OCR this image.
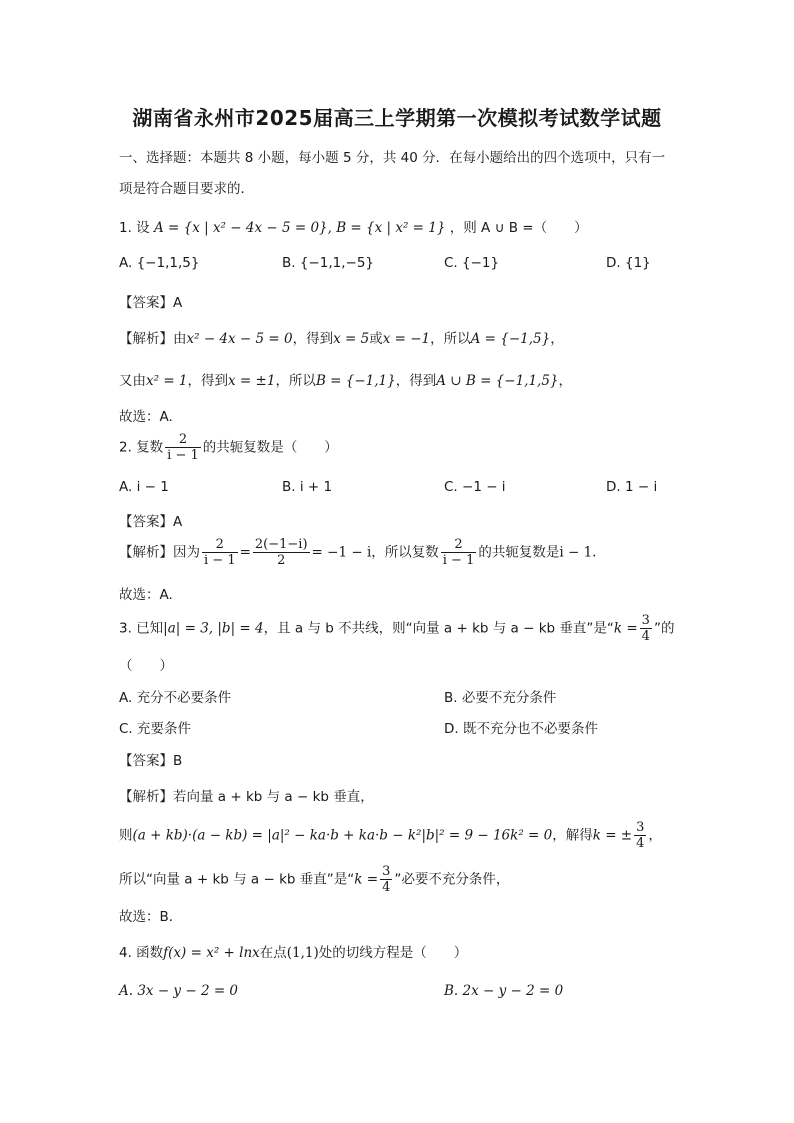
湖南省永州市2025届高三上学期第一次模拟考试数学试题
一、选择题：本题共 8 小题，每小题 5 分，共 40 分．在每小题给出的四个选项中，只有一
项是符合题目要求的．
1. 设 A = {x | x² − 4x − 5 = 0}, B = {x | x² = 1} ，则 A ∪ B =（　　）
A. {−1,1,5}	B. {−1,1,−5}	C. {−1}	D. {1}
【答案】A
【解析】由x² − 4x − 5 = 0，得到x = 5或x = −1，所以A = {−1,5}，
又由x² = 1，得到x = ±1，所以B = {−1,1}，得到A ∪ B = {−1,1,5}，
故选：A.
2. 复数 $\frac{2}{i - 1}$ 的共轭复数是（　　）
A. i − 1	B. i + 1	C. −1 − i	D. 1 − i
【答案】A
【解析】因为 $\frac{2}{i - 1} = \frac{2(-1-i)}{2} = -1 - i$，所以复数 $\frac{2}{i - 1}$ 的共轭复数是i − 1.
故选：A.
3. 已知|a| = 3, |b| = 4，且 a 与 b 不共线，则“向量 a + kb 与 a − kb 垂直”是“$k = \frac{3}{4}$ ”的
（　　）
A. 充分不必要条件	B. 必要不充分条件
C. 充要条件	D. 既不充分也不必要条件
【答案】B
【解析】若向量 a + kb 与 a − kb 垂直，
则(a + kb)·(a − kb) = |a|² − ka·b + ka·b − k²|b|² = 9 − 16k² = 0，解得k = ± $\frac{3}{4}$ ，
所以“向量 a + kb 与 a − kb 垂直”是“$k = \frac{3}{4}$ ”必要不充分条件，
故选：B．
4. 函数f(x) = x² + lnx在点(1,1)处的切线方程是（　　）
A. 3x − y − 2 = 0	B. 2x − y − 2 = 0
